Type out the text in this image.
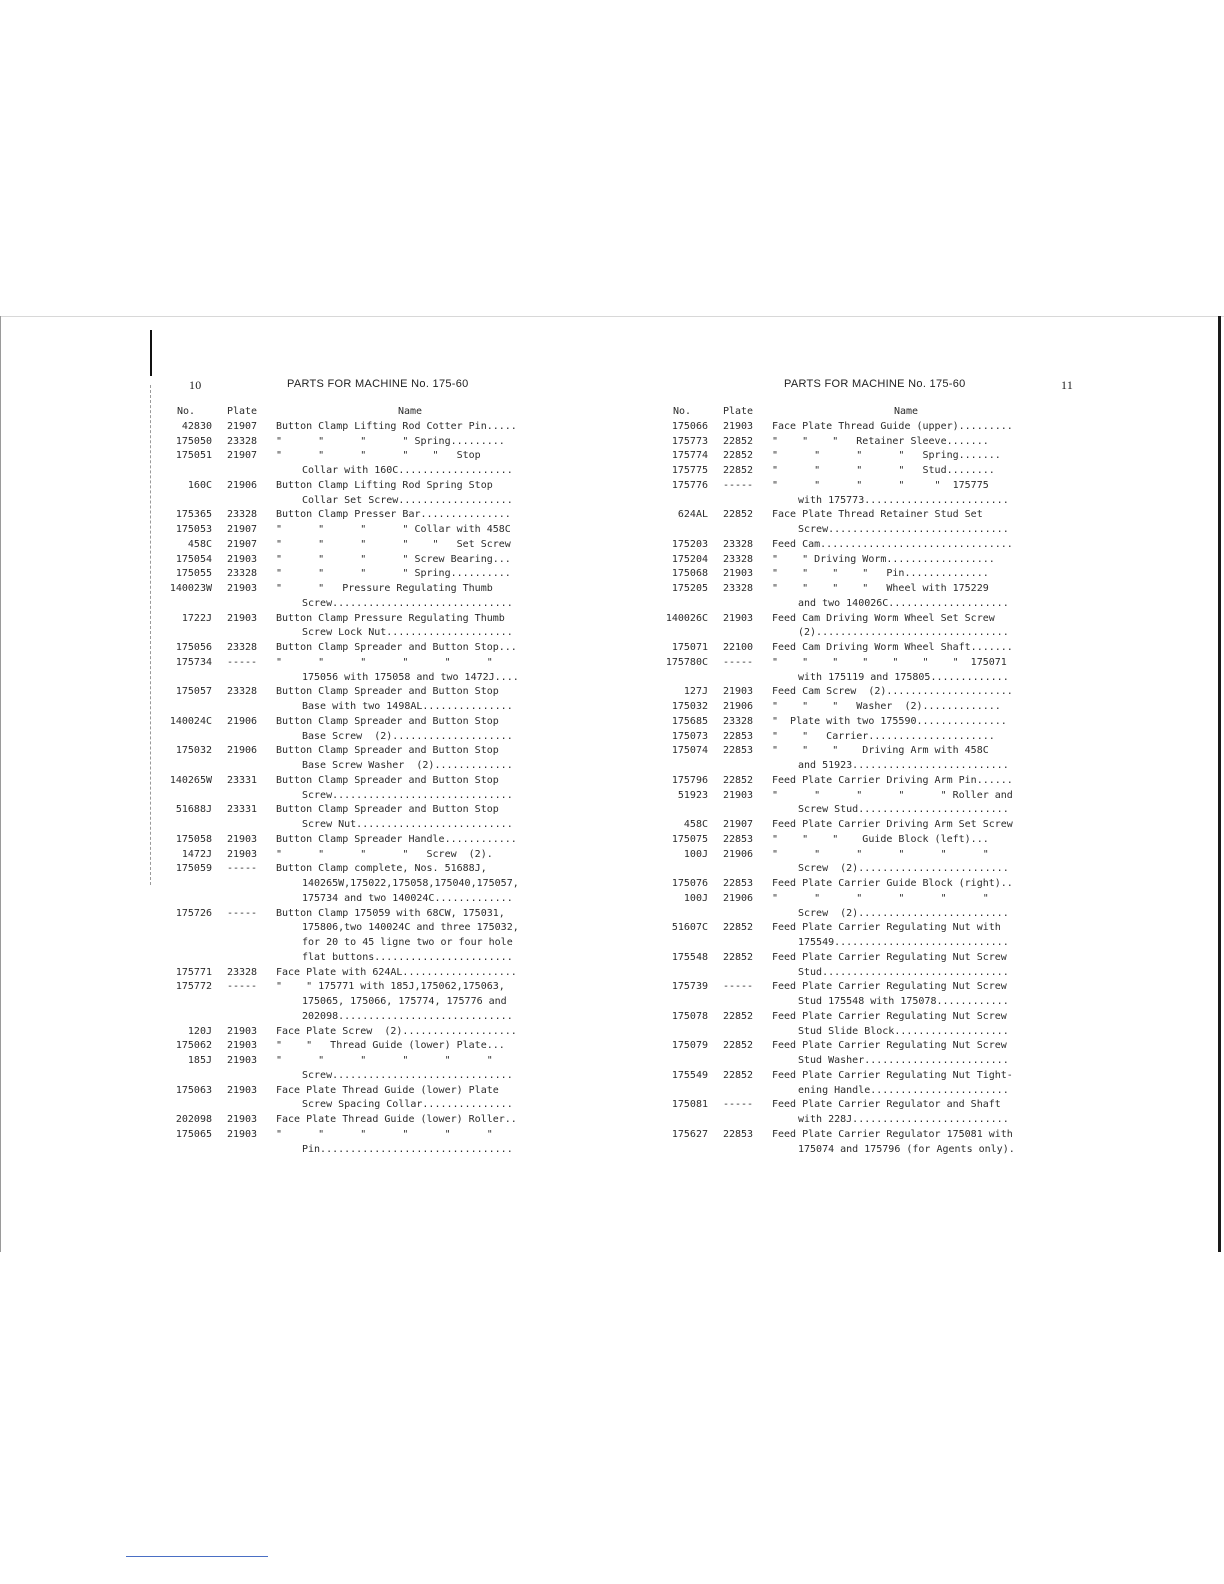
10	PARTS FOR MACHINE No. 175-60
No.	Plate	Name
42830	21907	Button Clamp Lifting Rod Cotter Pin.....
175050	23328	"      "      "      " Spring.........
175051	21907	"      "      "      "    "   Stop
Collar with 160C...................
160C	21906	Button Clamp Lifting Rod Spring Stop
Collar Set Screw...................
175365	23328	Button Clamp Presser Bar...............
175053	21907	"      "      "      " Collar with 458C
458C	21907	"      "      "      "    "   Set Screw
175054	21903	"      "      "      " Screw Bearing...
175055	23328	"      "      "      " Spring..........
140023W	21903	"      "   Pressure Regulating Thumb
Screw..............................
1722J	21903	Button Clamp Pressure Regulating Thumb
Screw Lock Nut.....................
175056	23328	Button Clamp Spreader and Button Stop...
175734	-----	"      "      "      "      "      "
175056 with 175058 and two 1472J....
175057	23328	Button Clamp Spreader and Button Stop
Base with two 1498AL...............
140024C	21906	Button Clamp Spreader and Button Stop
Base Screw  (2)....................
175032	21906	Button Clamp Spreader and Button Stop
Base Screw Washer  (2).............
140265W	23331	Button Clamp Spreader and Button Stop
Screw..............................
51688J	23331	Button Clamp Spreader and Button Stop
Screw Nut..........................
175058	21903	Button Clamp Spreader Handle............
1472J	21903	"      "      "      "   Screw  (2).
175059	-----	Button Clamp complete, Nos. 51688J,
140265W,175022,175058,175040,175057,
175734 and two 140024C.............
175726	-----	Button Clamp 175059 with 68CW, 175031,
175806,two 140024C and three 175032,
for 20 to 45 ligne two or four hole
flat buttons.......................
175771	23328	Face Plate with 624AL...................
175772	-----	"    " 175771 with 185J,175062,175063,
175065, 175066, 175774, 175776 and
202098.............................
120J	21903	Face Plate Screw  (2)...................
175062	21903	"    "   Thread Guide (lower) Plate...
185J	21903	"      "      "      "      "      "
Screw..............................
175063	21903	Face Plate Thread Guide (lower) Plate
Screw Spacing Collar...............
202098	21903	Face Plate Thread Guide (lower) Roller..
175065	21903	"      "      "      "      "      "
Pin................................
PARTS FOR MACHINE No. 175-60	11
No.	Plate	Name
175066	21903	Face Plate Thread Guide (upper).........
175773	22852	"    "    "   Retainer Sleeve.......
175774	22852	"      "      "      "   Spring.......
175775	22852	"      "      "      "   Stud........
175776	-----	"      "      "      "     "  175775
with 175773........................
624AL	22852	Face Plate Thread Retainer Stud Set
Screw..............................
175203	23328	Feed Cam................................
175204	23328	"    " Driving Worm..................
175068	21903	"    "    "    "   Pin..............
175205	23328	"    "    "    "   Wheel with 175229
and two 140026C....................
140026C	21903	Feed Cam Driving Worm Wheel Set Screw
(2)................................
175071	22100	Feed Cam Driving Worm Wheel Shaft.......
175780C	-----	"    "    "    "    "    "    "  175071
with 175119 and 175805.............
127J	21903	Feed Cam Screw  (2).....................
175032	21906	"    "    "   Washer  (2).............
175685	23328	"  Plate with two 175590...............
175073	22853	"    "   Carrier.....................
175074	22853	"    "    "    Driving Arm with 458C
and 51923..........................
175796	22852	Feed Plate Carrier Driving Arm Pin......
51923	21903	"      "      "      "      " Roller and
Screw Stud.........................
458C	21907	Feed Plate Carrier Driving Arm Set Screw
175075	22853	"    "    "    Guide Block (left)...
100J	21906	"      "      "      "      "      "
Screw  (2).........................
175076	22853	Feed Plate Carrier Guide Block (right)..
100J	21906	"      "      "      "      "      "
Screw  (2).........................
51607C	22852	Feed Plate Carrier Regulating Nut with
175549.............................
175548	22852	Feed Plate Carrier Regulating Nut Screw
Stud...............................
175739	-----	Feed Plate Carrier Regulating Nut Screw
Stud 175548 with 175078............
175078	22852	Feed Plate Carrier Regulating Nut Screw
Stud Slide Block...................
175079	22852	Feed Plate Carrier Regulating Nut Screw
Stud Washer........................
175549	22852	Feed Plate Carrier Regulating Nut Tight-
ening Handle.......................
175081	-----	Feed Plate Carrier Regulator and Shaft
with 228J..........................
175627	22853	Feed Plate Carrier Regulator 175081 with
175074 and 175796 (for Agents only).
